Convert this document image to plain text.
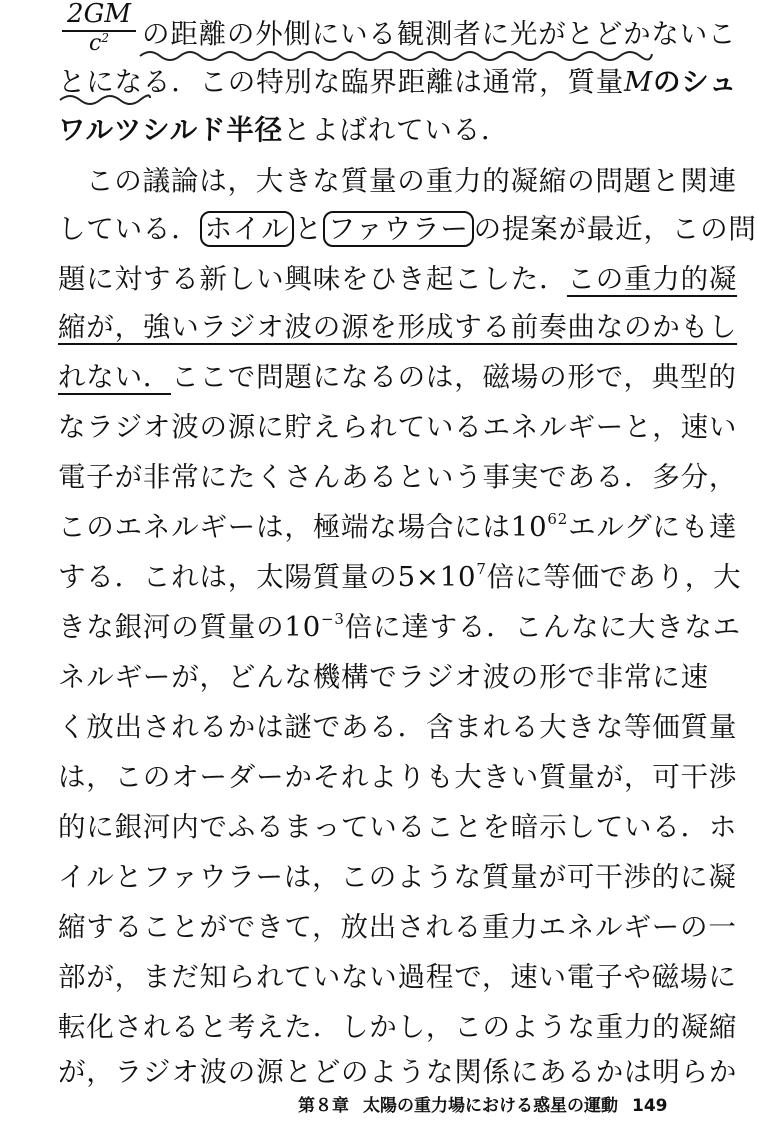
2GM
$c^2$	の距離の外側にいる観測者に光がとどかないこ
とになる．この特別な臨界距離は通常，質量Mのシュ
ワルツシルド半径とよばれている．
この議論は，大きな質量の重力的凝縮の問題と関連
している． ホイル と ファウラー の提案が最近，この問
題に対する新しい興味をひき起こした．この重力的凝
縮が，強いラジオ波の源を形成する前奏曲なのかもし
れない．ここで問題になるのは，磁場の形で，典型的
なラジオ波の源に貯えられているエネルギーと，速い
電子が非常にたくさんあるという事実である．多分，
このエネルギーは，極端な場合には$10^{62}$エルグにも達
する．これは，太陽質量の$5\times 10^7$倍に等価であり，大
きな銀河の質量の$10^{-3}$倍に達する．こんなに大きなエ
ネルギーが，どんな機構でラジオ波の形で非常に速
く放出されるかは謎である．含まれる大きな等価質量
は，このオーダーかそれよりも大きい質量が，可干渉
的に銀河内でふるまっていることを暗示している．ホ
イルとファウラーは，このような質量が可干渉的に凝
縮することができて，放出される重力エネルギーの一
部が，まだ知られていない過程で，速い電子や磁場に
転化されると考えた．しかし，このような重力的凝縮
が，ラジオ波の源とどのような関係にあるかは明らか
第８章 太陽の重力場における惑星の運動 149
